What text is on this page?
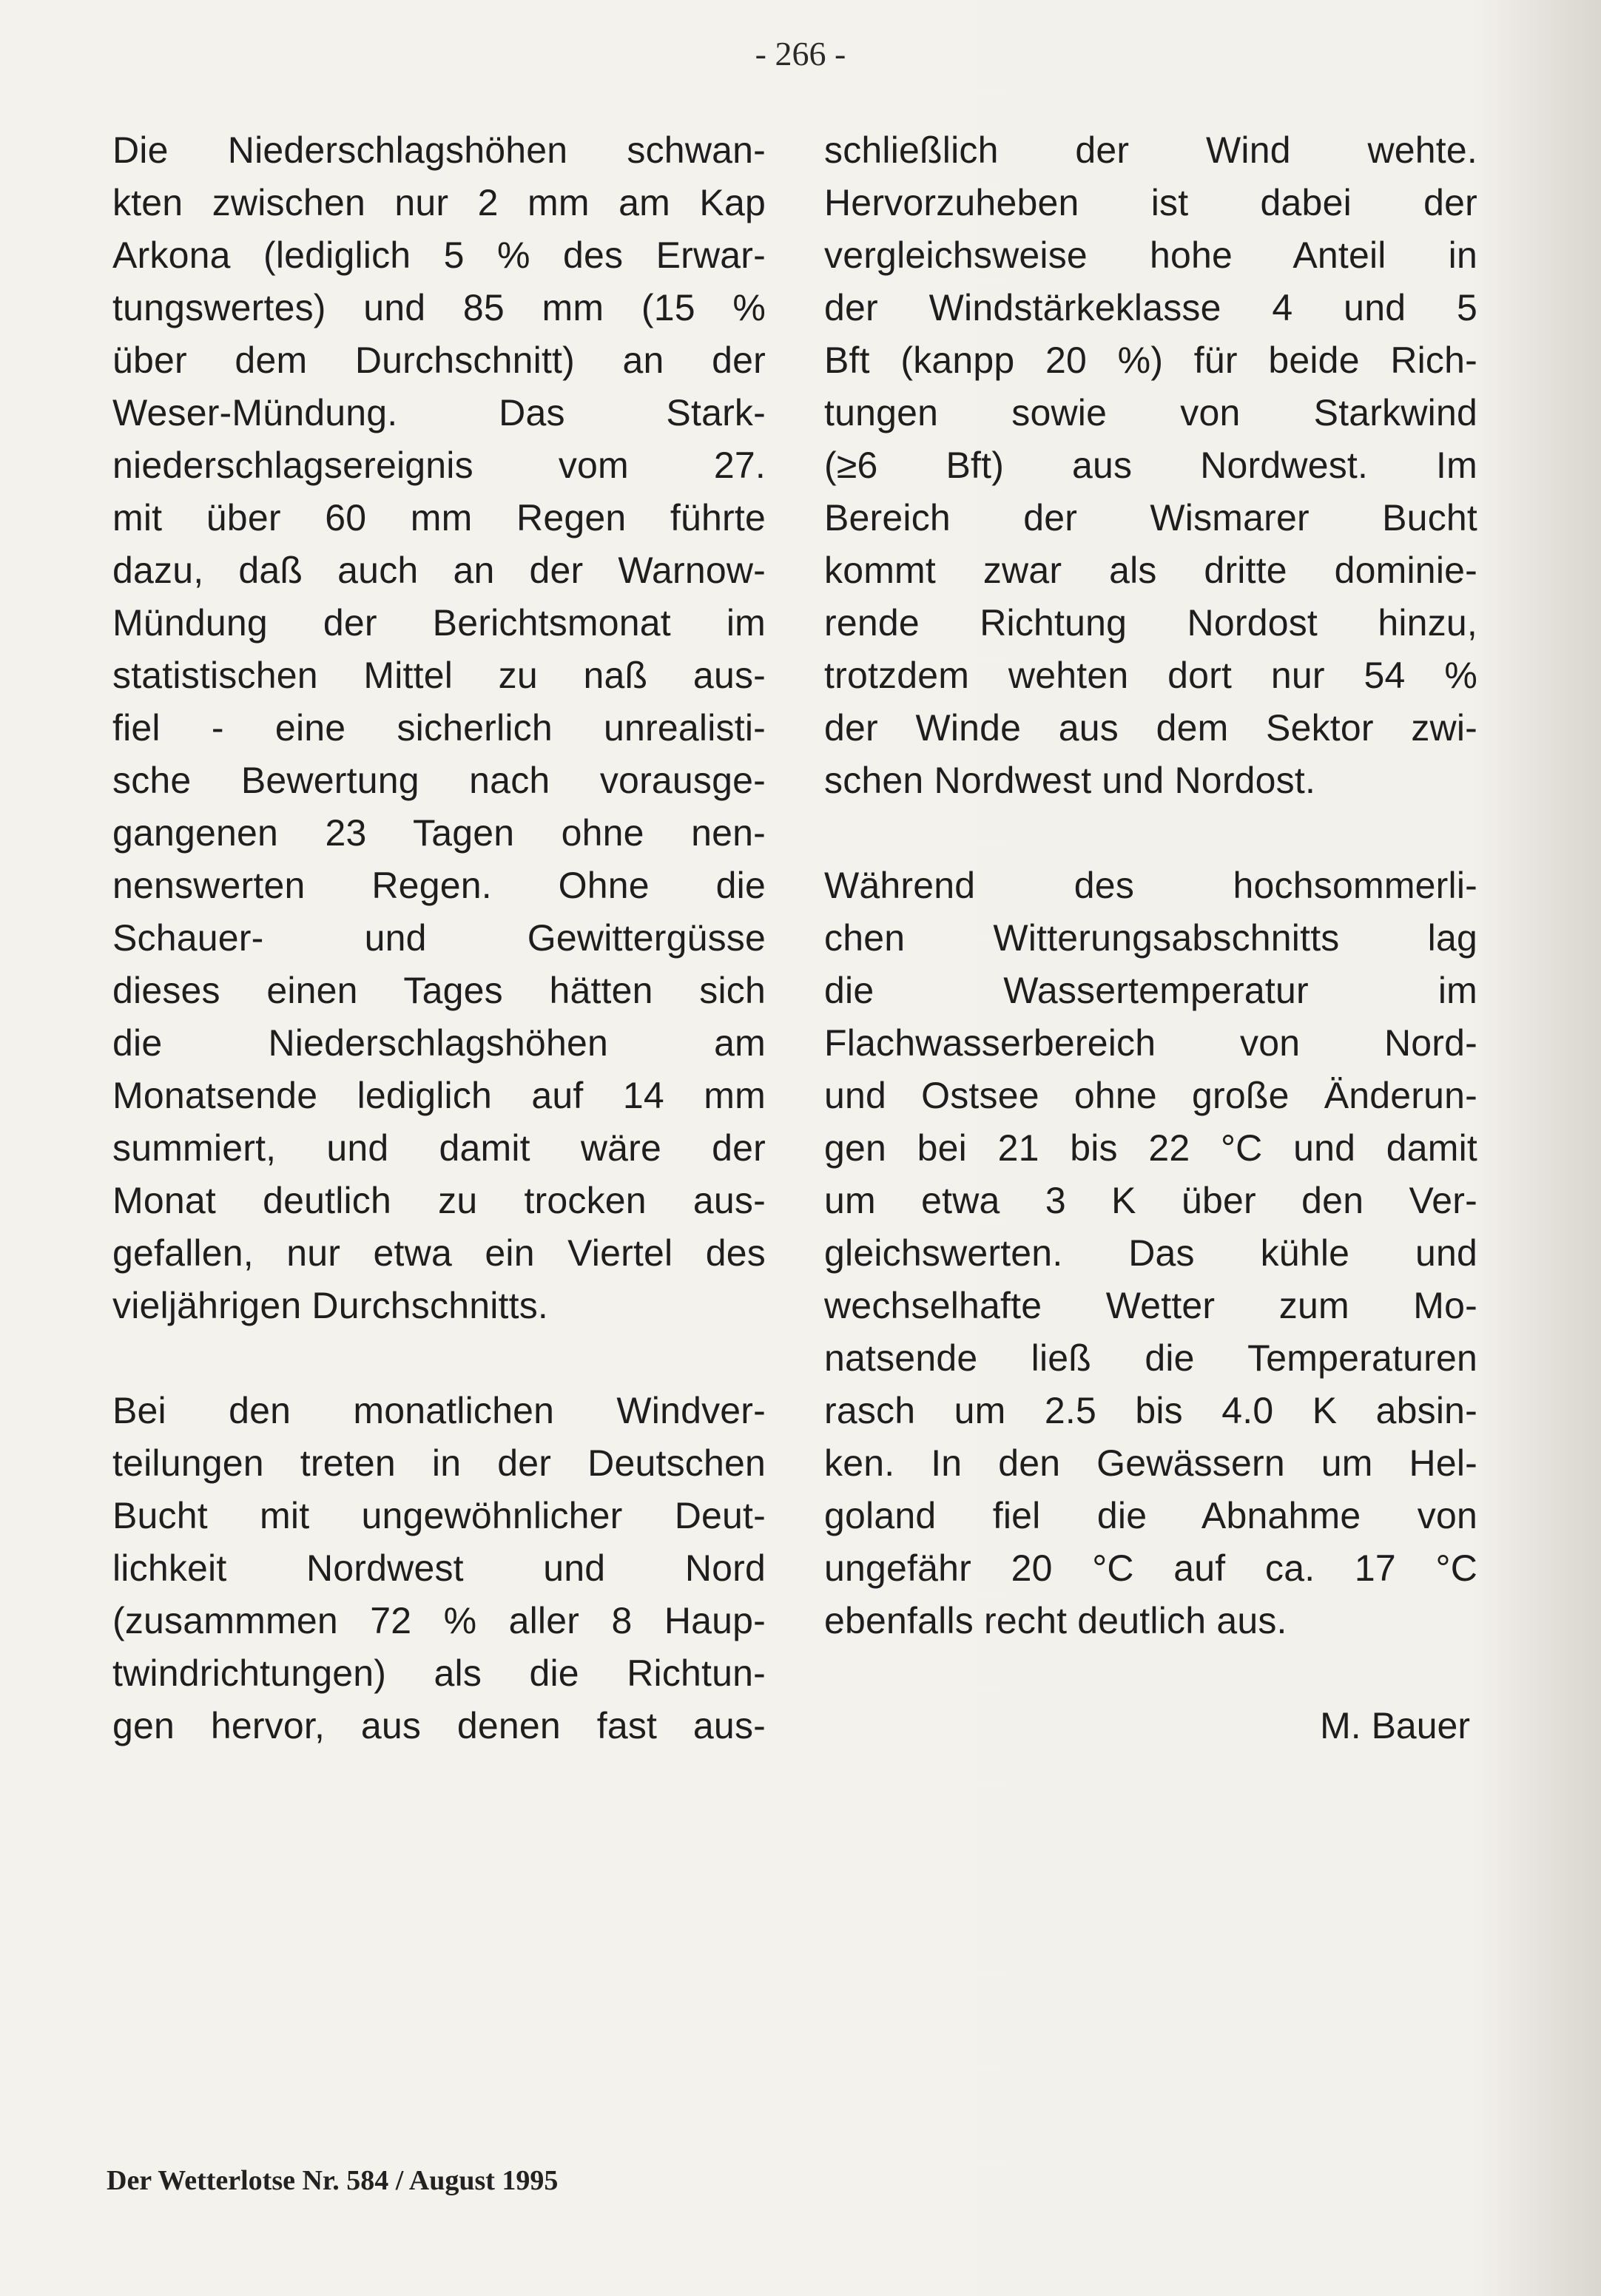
- 266 -
Die Niederschlagshöhen schwan-
kten zwischen nur 2 mm am Kap
Arkona (lediglich 5 % des Erwar-
tungswertes) und 85 mm (15 %
über dem Durchschnitt) an der
Weser-Mündung. Das Stark-
niederschlagsereignis vom 27.
mit über 60 mm Regen führte
dazu, daß auch an der Warnow-
Mündung der Berichtsmonat im
statistischen Mittel zu naß aus-
fiel - eine sicherlich unrealisti-
sche Bewertung nach vorausge-
gangenen 23 Tagen ohne nen-
nenswerten Regen. Ohne die
Schauer- und Gewittergüsse
dieses einen Tages hätten sich
die Niederschlagshöhen am
Monatsende lediglich auf 14 mm
summiert, und damit wäre der
Monat deutlich zu trocken aus-
gefallen, nur etwa ein Viertel des
vieljährigen Durchschnitts.
Bei den monatlichen Windver-
teilungen treten in der Deutschen
Bucht mit ungewöhnlicher Deut-
lichkeit Nordwest und Nord
(zusammmen 72 % aller 8 Haup-
twindrichtungen) als die Richtun-
gen hervor, aus denen fast aus-
schließlich der Wind wehte.
Hervorzuheben ist dabei der
vergleichsweise hohe Anteil in
der Windstärkeklasse 4 und 5
Bft (kanpp 20 %) für beide Rich-
tungen sowie von Starkwind
(≥6 Bft) aus Nordwest. Im
Bereich der Wismarer Bucht
kommt zwar als dritte dominie-
rende Richtung Nordost hinzu,
trotzdem wehten dort nur 54 %
der Winde aus dem Sektor zwi-
schen Nordwest und Nordost.
Während des hochsommerli-
chen Witterungsabschnitts lag
die Wassertemperatur im
Flachwasserbereich von Nord-
und Ostsee ohne große Änderun-
gen bei 21 bis 22 °C und damit
um etwa 3 K über den Ver-
gleichswerten. Das kühle und
wechselhafte Wetter zum Mo-
natsende ließ die Temperaturen
rasch um 2.5 bis 4.0 K absin-
ken. In den Gewässern um Hel-
goland fiel die Abnahme von
ungefähr 20 °C auf ca. 17 °C
ebenfalls recht deutlich aus.
M. Bauer
Der Wetterlotse Nr. 584 / August 1995
